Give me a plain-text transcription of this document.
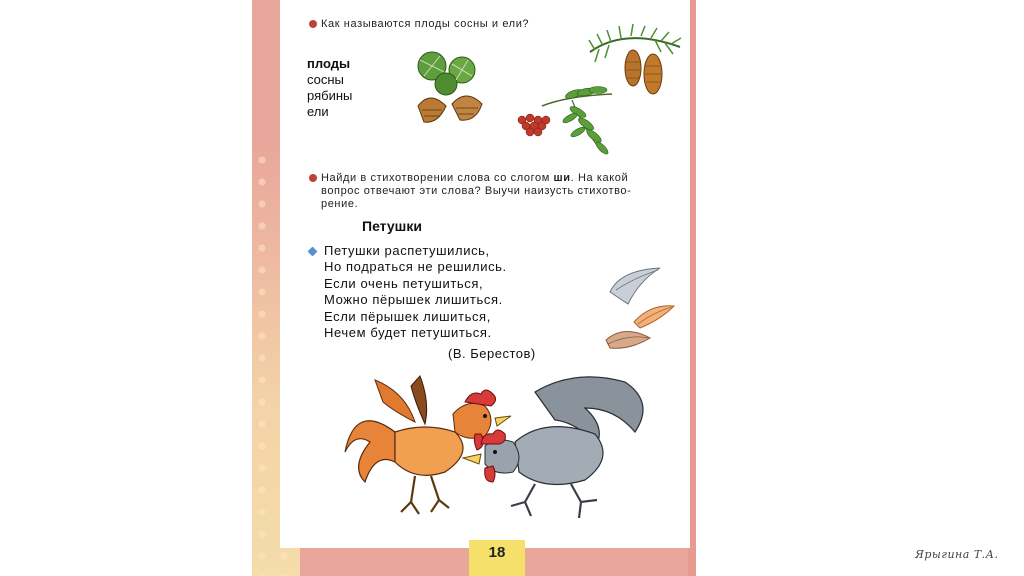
Как называются плоды сосны и ели?
плоды
сосны
рябины
ели
Найди в стихотворении слова со слогом ши. На какой
вопрос отвечают эти слова? Выучи наизусть стихотво-
рение.
Петушки
Петушки распетушились,
Но подраться не решились.
Если очень петушиться,
Можно пёрышек лишиться.
Если пёрышек лишиться,
Нечем будет петушиться.
(В. Берестов)
18	Ярыгина Т.А.
